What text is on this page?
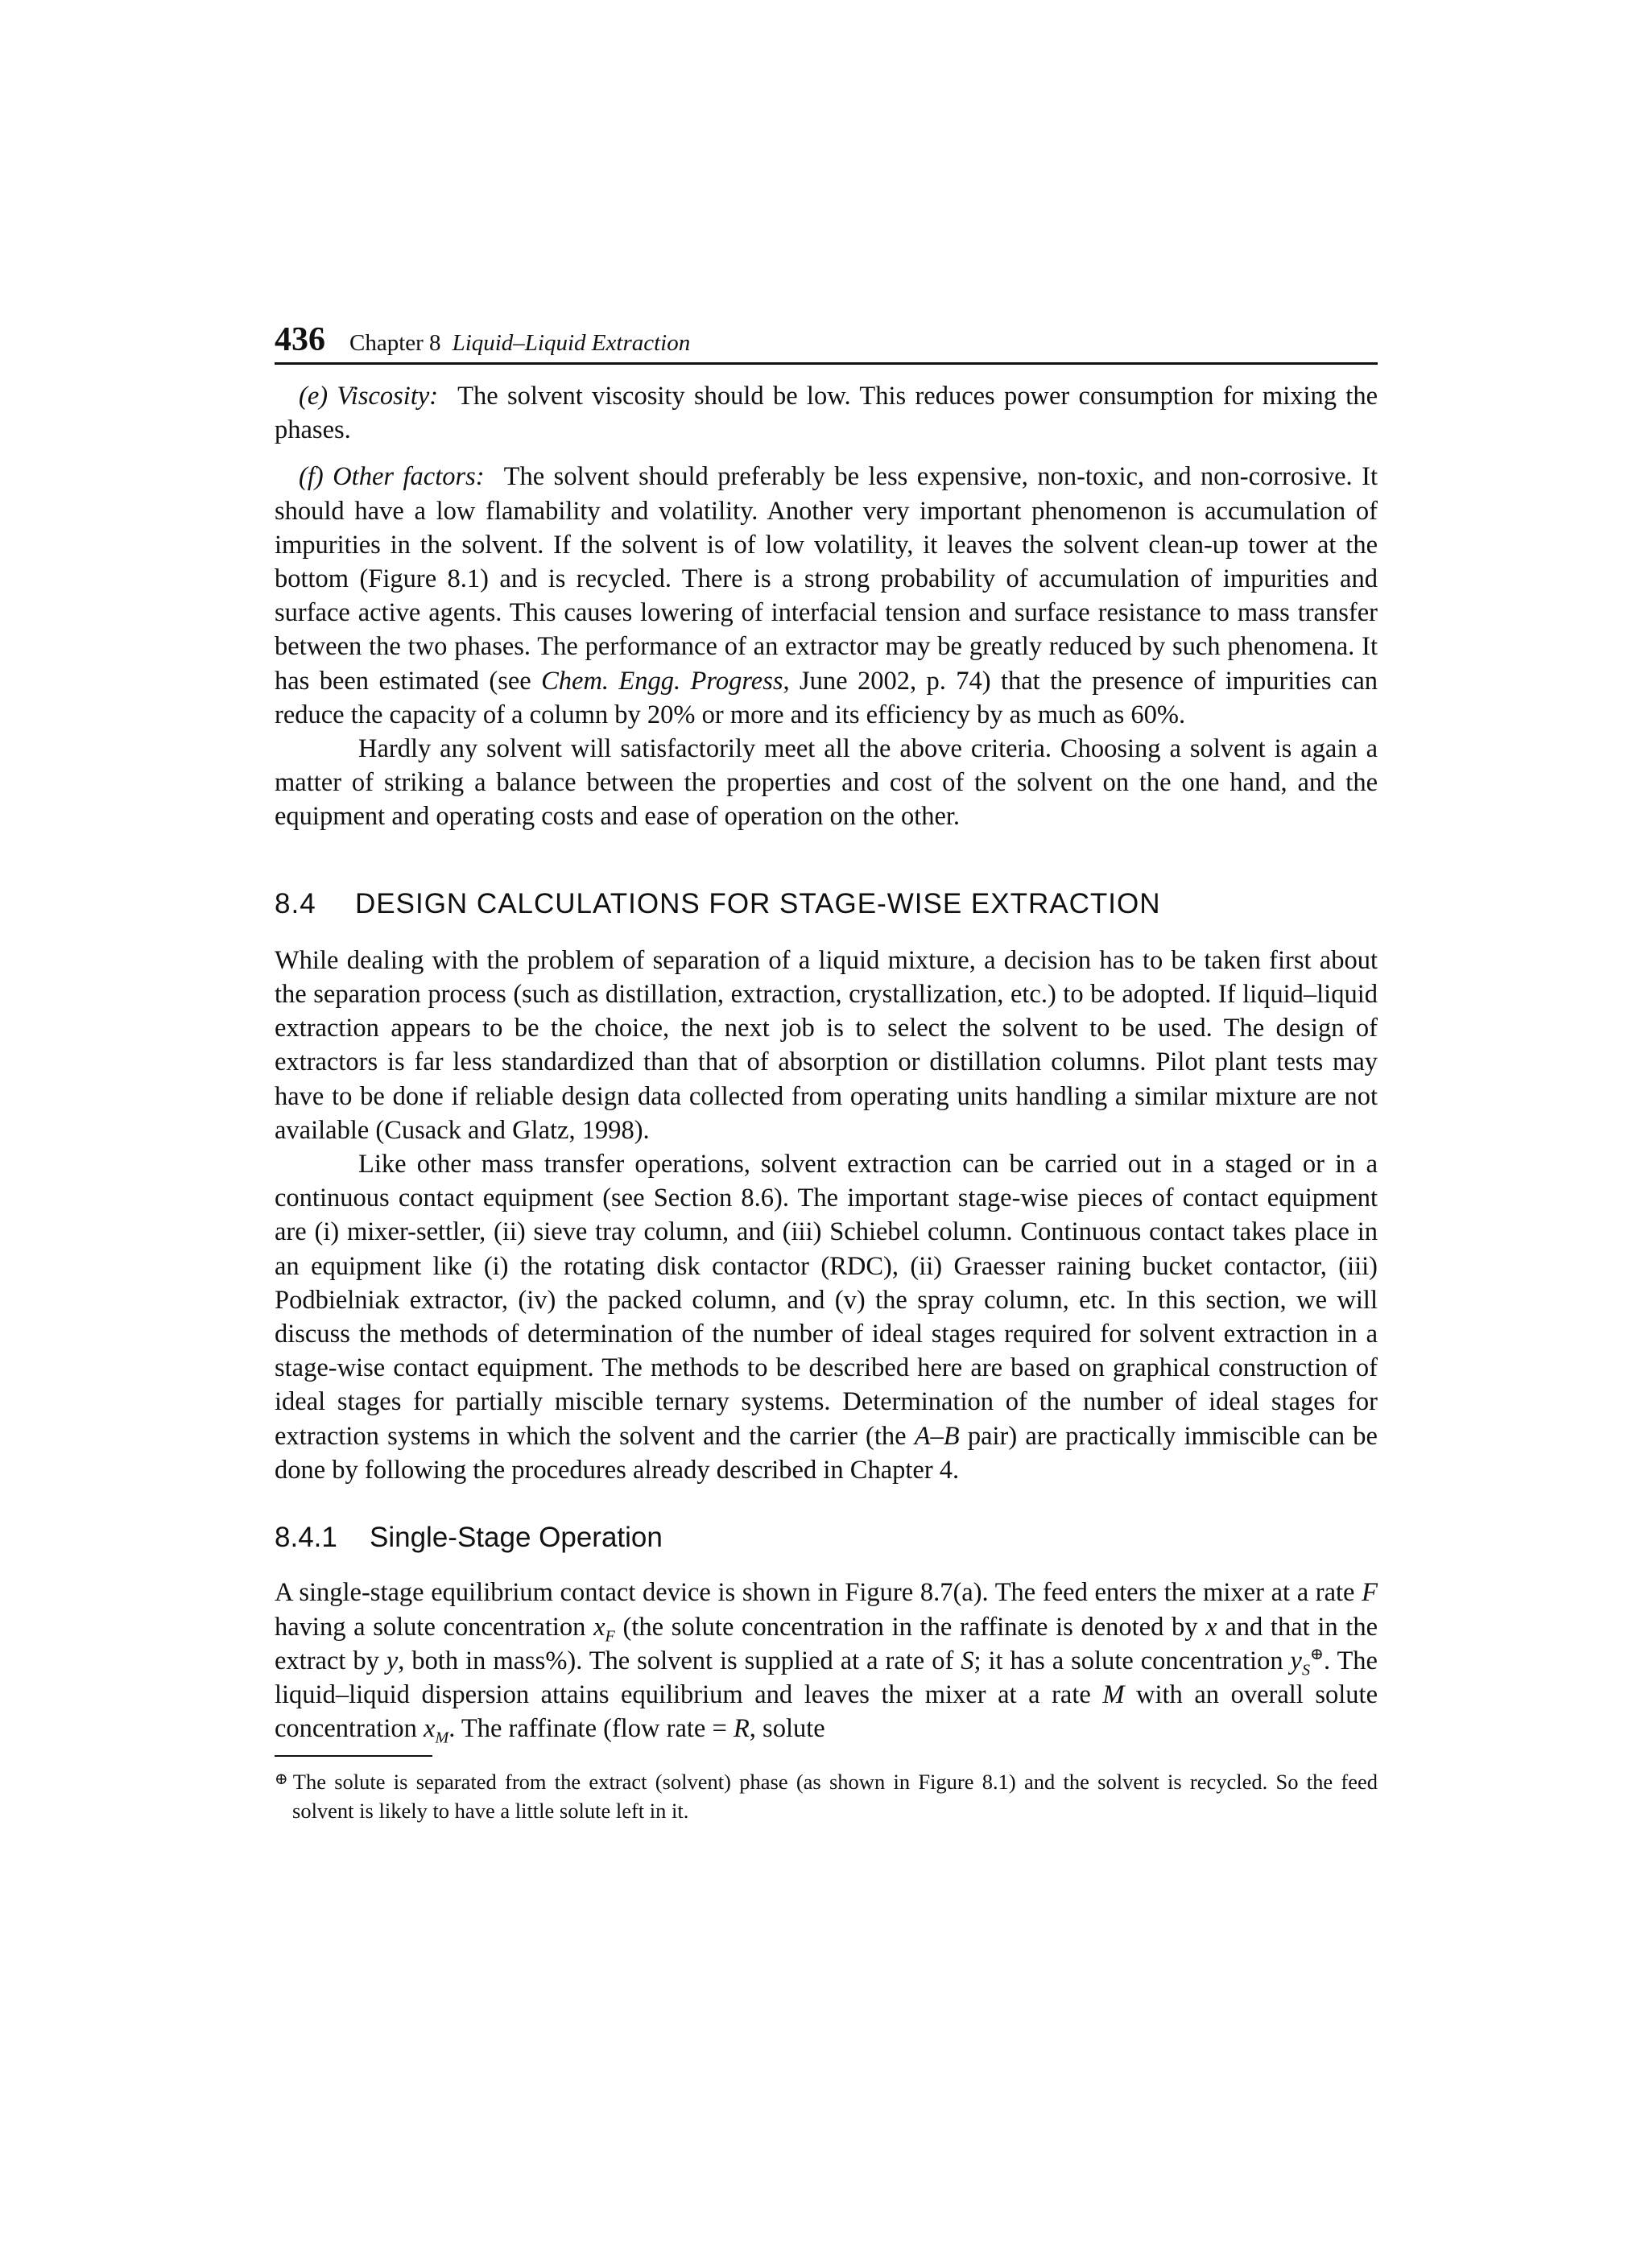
436 Chapter 8 Liquid–Liquid Extraction

(e) Viscosity: The solvent viscosity should be low. This reduces power consumption for mixing the phases.

(f) Other factors: The solvent should preferably be less expensive, non-toxic, and non-corrosive. It should have a low flamability and volatility. Another very important phenomenon is accumulation of impurities in the solvent. If the solvent is of low volatility, it leaves the solvent clean-up tower at the bottom (Figure 8.1) and is recycled. There is a strong probability of accumulation of impurities and surface active agents. This causes lowering of interfacial tension and surface resistance to mass transfer between the two phases. The performance of an extractor may be greatly reduced by such phenomena. It has been estimated (see Chem. Engg. Progress, June 2002, p. 74) that the presence of impurities can reduce the capacity of a column by 20% or more and its efficiency by as much as 60%.

Hardly any solvent will satisfactorily meet all the above criteria. Choosing a solvent is again a matter of striking a balance between the properties and cost of the solvent on the one hand, and the equipment and operating costs and ease of operation on the other.

8.4	DESIGN CALCULATIONS FOR STAGE-WISE EXTRACTION

While dealing with the problem of separation of a liquid mixture, a decision has to be taken first about the separation process (such as distillation, extraction, crystallization, etc.) to be adopted. If liquid–liquid extraction appears to be the choice, the next job is to select the solvent to be used. The design of extractors is far less standardized than that of absorption or distillation columns. Pilot plant tests may have to be done if reliable design data collected from operating units handling a similar mixture are not available (Cusack and Glatz, 1998).

Like other mass transfer operations, solvent extraction can be carried out in a staged or in a continuous contact equipment (see Section 8.6). The important stage-wise pieces of contact equipment are (i) mixer-settler, (ii) sieve tray column, and (iii) Schiebel column. Continuous contact takes place in an equipment like (i) the rotating disk contactor (RDC), (ii) Graesser raining bucket contactor, (iii) Podbielniak extractor, (iv) the packed column, and (v) the spray column, etc. In this section, we will discuss the methods of determination of the number of ideal stages required for solvent extraction in a stage-wise contact equipment. The methods to be described here are based on graphical construction of ideal stages for partially miscible ternary systems. Determination of the number of ideal stages for extraction systems in which the solvent and the carrier (the A–B pair) are practically immiscible can be done by following the procedures already described in Chapter 4.

8.4.1	Single-Stage Operation

A single-stage equilibrium contact device is shown in Figure 8.7(a). The feed enters the mixer at a rate F having a solute concentration $x_F$ (the solute concentration in the raffinate is denoted by x and that in the extract by y, both in mass%). The solvent is supplied at a rate of S; it has a solute concentration $y_S^\oplus$. The liquid–liquid dispersion attains equilibrium and leaves the mixer at a rate M with an overall solute concentration $x_M$. The raffinate (flow rate = R, solute

⊕ The solute is separated from the extract (solvent) phase (as shown in Figure 8.1) and the solvent is recycled. So the feed solvent is likely to have a little solute left in it.
